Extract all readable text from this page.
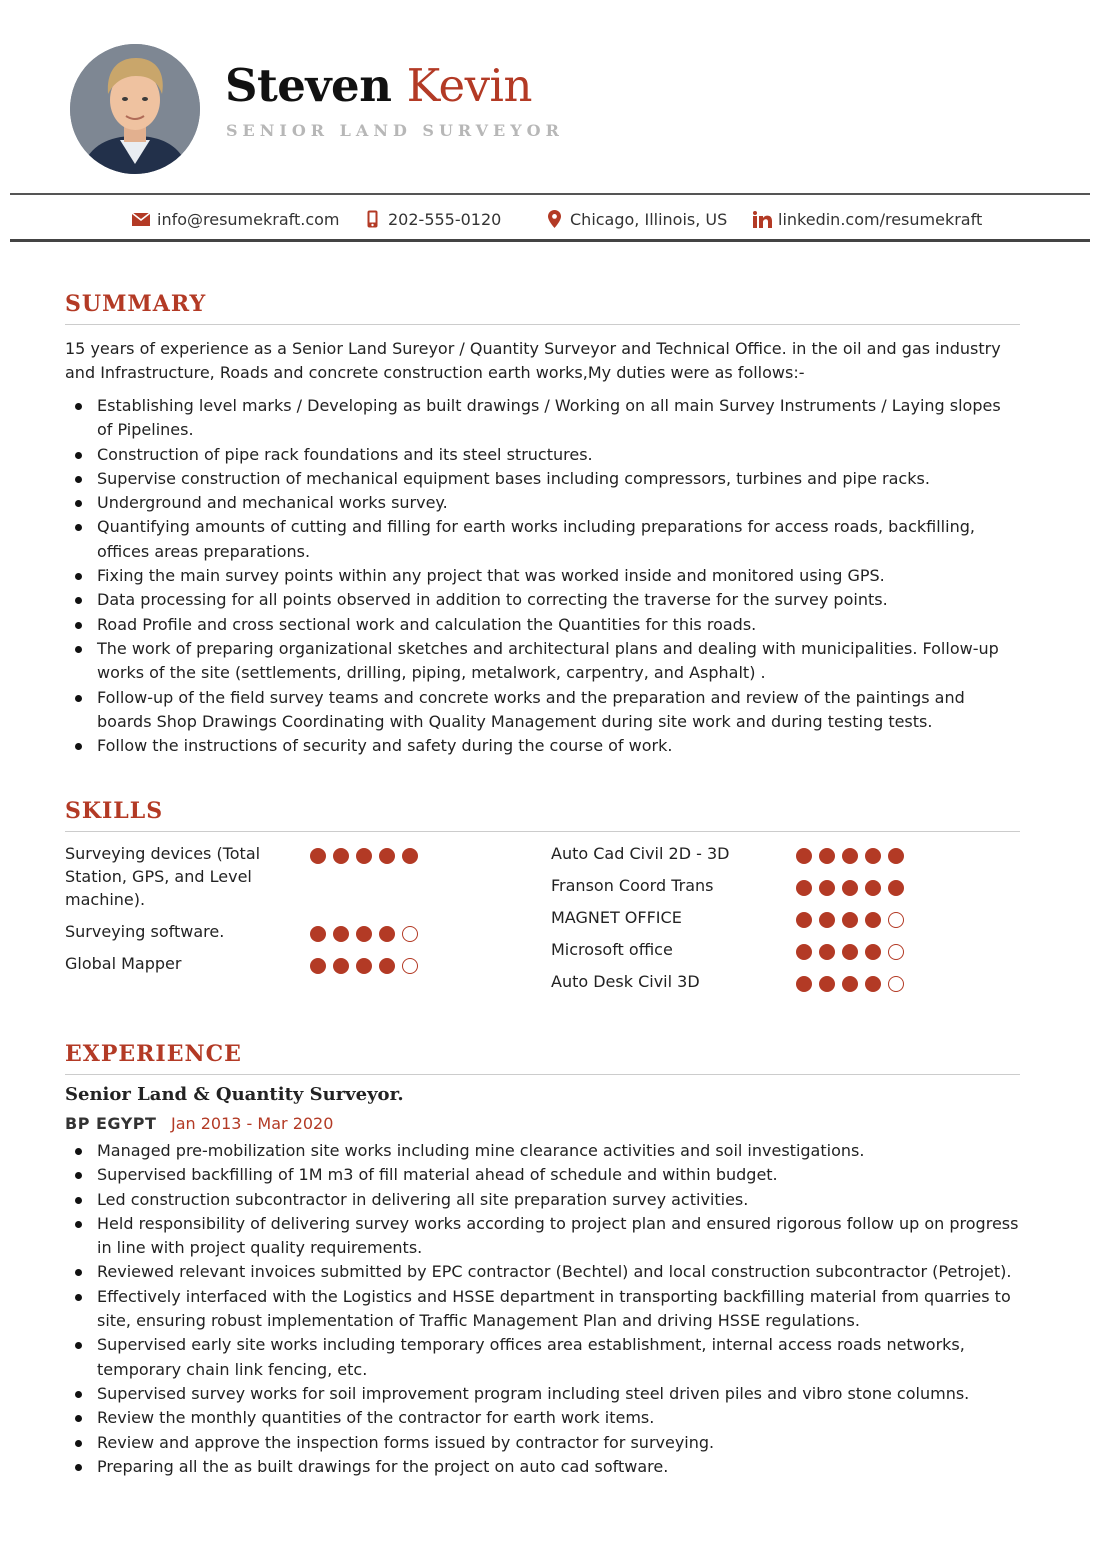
Steven Kevin
SENIOR LAND SURVEYOR
info@resumekraft.com	202-555-0120	Chicago, Illinois, US	linkedin.com/resumekraft
SUMMARY

15 years of experience as a Senior Land Sureyor / Quantity Surveyor and Technical Office. in the oil and gas industry and Infrastructure, Roads and concrete construction earth works,My duties were as follows:-

Establishing level marks / Developing as built drawings / Working on all main Survey Instruments / Laying slopes of Pipelines.
Construction of pipe rack foundations and its steel structures.
Supervise construction of mechanical equipment bases including compressors, turbines and pipe racks.
Underground and mechanical works survey.
Quantifying amounts of cutting and filling for earth works including preparations for access roads, backfilling, offices areas preparations.
Fixing the main survey points within any project that was worked inside and monitored using GPS.
Data processing for all points observed in addition to correcting the traverse for the survey points.
Road Profile and cross sectional work and calculation the Quantities for this roads.
The work of preparing organizational sketches and architectural plans and dealing with municipalities. Follow-up works of the site (settlements, drilling, piping, metalwork, carpentry, and Asphalt) .
Follow-up of the field survey teams and concrete works and the preparation and review of the paintings and boards Shop Drawings Coordinating with Quality Management during site work and during testing tests.
Follow the instructions of security and safety during the course of work.
SKILLS
Surveying devices (Total Station, GPS, and Level machine).
Surveying software.
Global Mapper
Auto Cad Civil 2D - 3D
Franson Coord Trans
MAGNET OFFICE
Microsoft office
Auto Desk Civil 3D
EXPERIENCE
Senior Land & Quantity Surveyor.
BP EGYPT Jan 2013 - Mar 2020
Managed pre-mobilization site works including mine clearance activities and soil investigations.
Supervised backfilling of 1M m3 of fill material ahead of schedule and within budget.
Led construction subcontractor in delivering all site preparation survey activities.
Held responsibility of delivering survey works according to project plan and ensured rigorous follow up on progress in line with project quality requirements.
Reviewed relevant invoices submitted by EPC contractor (Bechtel) and local construction subcontractor (Petrojet).
Effectively interfaced with the Logistics and HSSE department in transporting backfilling material from quarries to site, ensuring robust implementation of Traffic Management Plan and driving HSSE regulations.
Supervised early site works including temporary offices area establishment, internal access roads networks, temporary chain link fencing, etc.
Supervised survey works for soil improvement program including steel driven piles and vibro stone columns.
Review the monthly quantities of the contractor for earth work items.
Review and approve the inspection forms issued by contractor for surveying.
Preparing all the as built drawings for the project on auto cad software.
